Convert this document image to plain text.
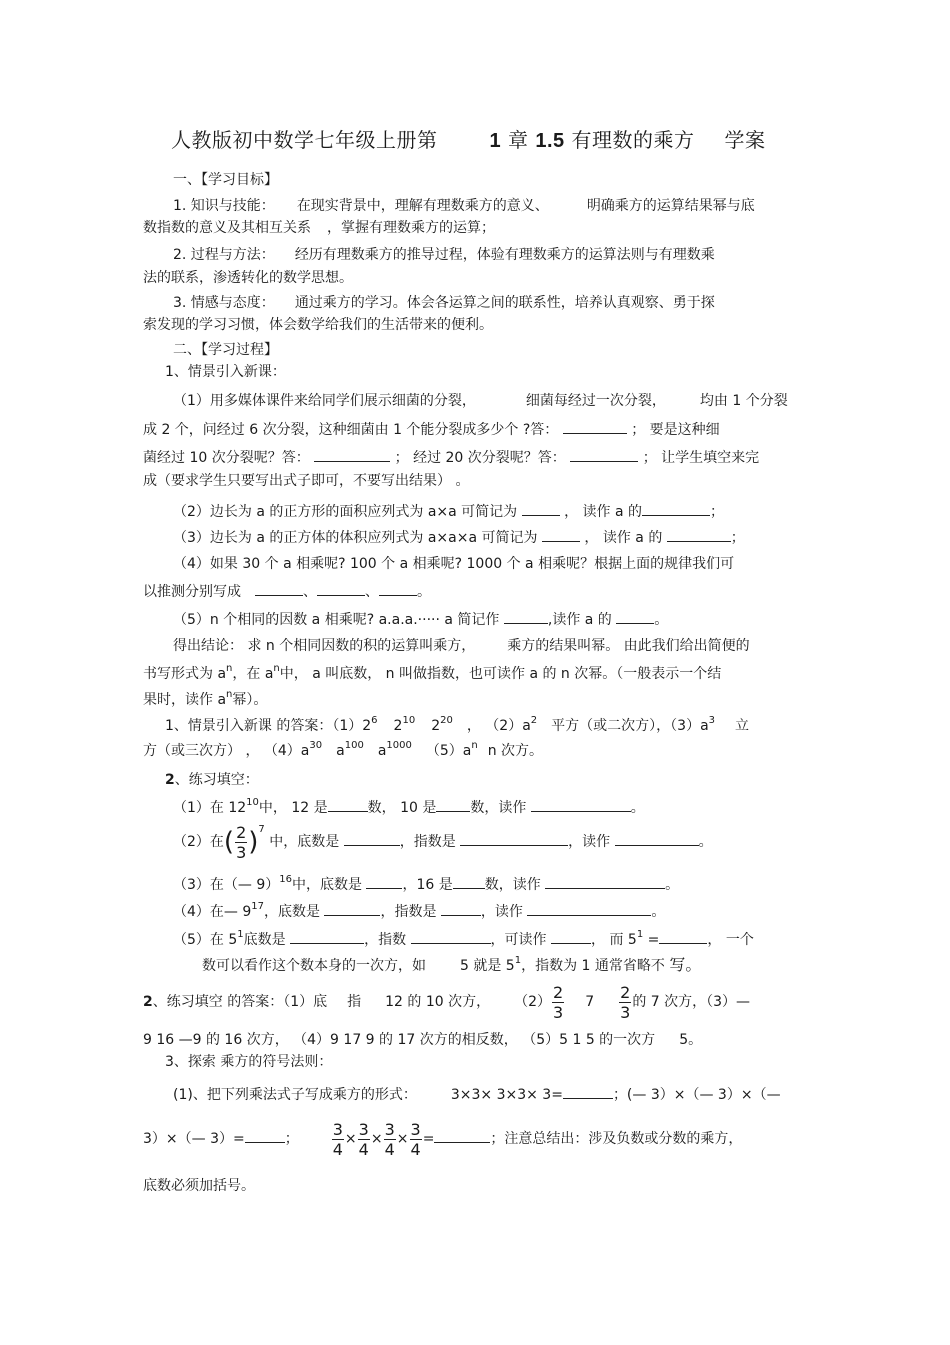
人教版初中数学七年级上册第	1 章 1.5 有理数的乘方 学案
一、【学习目标】
1. 知识与技能： 在现实背景中，理解有理数乘方的意义、	明确乘方的运算结果幂与底
数指数的意义及其相互关系 ，掌握有理数乘方的运算；
2. 过程与方法： 经历有理数乘方的推导过程，体验有理数乘方的运算法则与有理数乘
法的联系，渗透转化的数学思想。
3. 情感与态度： 通过乘方的学习。体会各运算之间的联系性，培养认真观察、勇于探
索发现的学习习惯，体会数学给我们的生活带来的便利。
二、【学习过程】
1、情景引入新课：
（1）用多媒体课件来给同学们展示细菌的分裂，	细菌每经过一次分裂， 均由 1 个分裂
成 2 个，问经过 6 次分裂，这种细菌由 1 个能分裂成多少个 ?答：	； 要是这种细
菌经过 10 次分裂呢？答：	； 经过 20 次分裂呢？答：	； 让学生填空来完
成（要求学生只要写出式子即可，不要写出结果） 。
（2）边长为 a 的正方形的面积应列式为 a×a 可简记为	， 读作 a 的	；
（3）边长为 a 的正方体的体积应列式为 a×a×a 可简记为	， 读作 a 的	；
（4）如果 30 个 a 相乘呢? 100 个 a 相乘呢? 1000 个 a 相乘呢？根据上面的规律我们可
以推测分别写成	、	、	。
（5）n 个相同的因数 a 相乘呢? a.a.a.····· a 简记作	,读作 a 的	。
得出结论： 求 n 个相同因数的积的运算叫乘方， 乘方的结果叫幂。 由此我们给出简便的
书写形式为 $a^n$，在 $a^n$中， a 叫底数， n 叫做指数，也可读作 a 的 n 次幂。（一般表示一个结
果时，读作 $a^n$幂）。
1、情景引入新课 的答案：$(1)2^6$ $2^{10}$ $2^{20}$ ， $(2)a^2$ 平方（或二次方），$(3)a^3$ 立
方（或三次方） ， $(4)a^{30}$ $a^{100}$ $a^{1000}$ $(5)a^n$ n 次方。
2、练习填空：
（1）在 $12^{10}$中， 12 是	数， 10 是 数，读作	。
（2）在( $\frac{2}{3} )^7$ 中，底数是	，指数是	，读作	。
（3）在（— 9）$^{16}$中，底数是	，16 是 数，读作	。
（4）在— $9^{17}$，底数是	，指数是	，读作	。
（5）在 $5^1$底数是	，指数	，可读作	， 而 $5^1$ =	， 一个
数可以看作这个数本身的一次方，如 5 就是 $5^1$，指数为 1 通常省略不 写。
2、练习填空 的答案：（1）底 指 12 的 10 次方， $(2) \frac{2}{3} 7 \frac{2}{3}$ 的 7 次方，（3）—
9 16 —9 的 16 次方， （4）9 17 9 的 17 次方的相反数， （5）5 1 5 的一次方 5。
3、探索 乘方的符号法则：
(1)、把下列乘法式子写成乘方的形式： 3×3× 3×3× 3=	；(— 3）×（— 3）×（—
3）×（— 3）=	； $\frac{3}{4} \times \frac{3}{4} \times \frac{3}{4} \times \frac{3}{4}$ =	；注意总结出：涉及负数或分数的乘方，
底数必须加括号。
